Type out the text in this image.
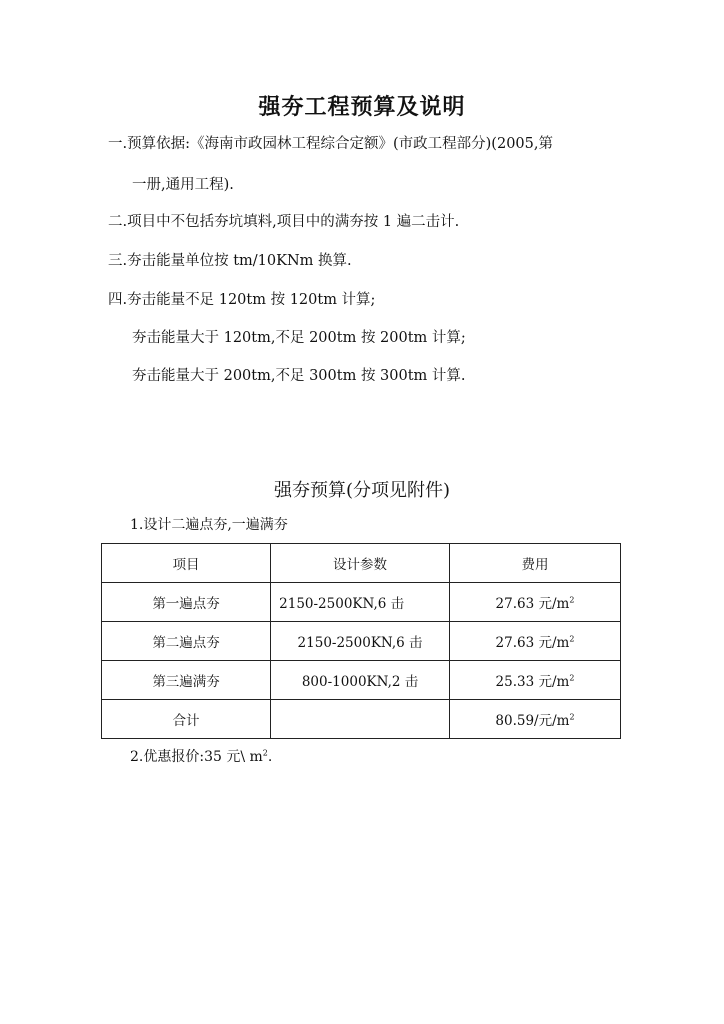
强夯工程预算及说明
一.预算依据:《海南市政园林工程综合定额》(市政工程部分)(2005,第
一册,通用工程).
二.项目中不包括夯坑填料,项目中的满夯按 1 遍二击计.
三.夯击能量单位按 tm/10KNm 换算.
四.夯击能量不足 120tm 按 120tm 计算;
夯击能量大于 120tm,不足 200tm 按 200tm 计算;
夯击能量大于 200tm,不足 300tm 按 300tm 计算.
强夯预算(分项见附件)
1.设计二遍点夯,一遍满夯
项目	设计参数	费用
第一遍点夯	2150-2500KN,6 击	27.63 元$/m^2$
第二遍点夯	2150-2500KN,6 击	27.63 元$/m^2$
第三遍满夯	800-1000KN,2 击	25.33 元$/m^2$
合计		80.59/元$/m^2$
2.优惠报价:35 元\ $m^2$.
